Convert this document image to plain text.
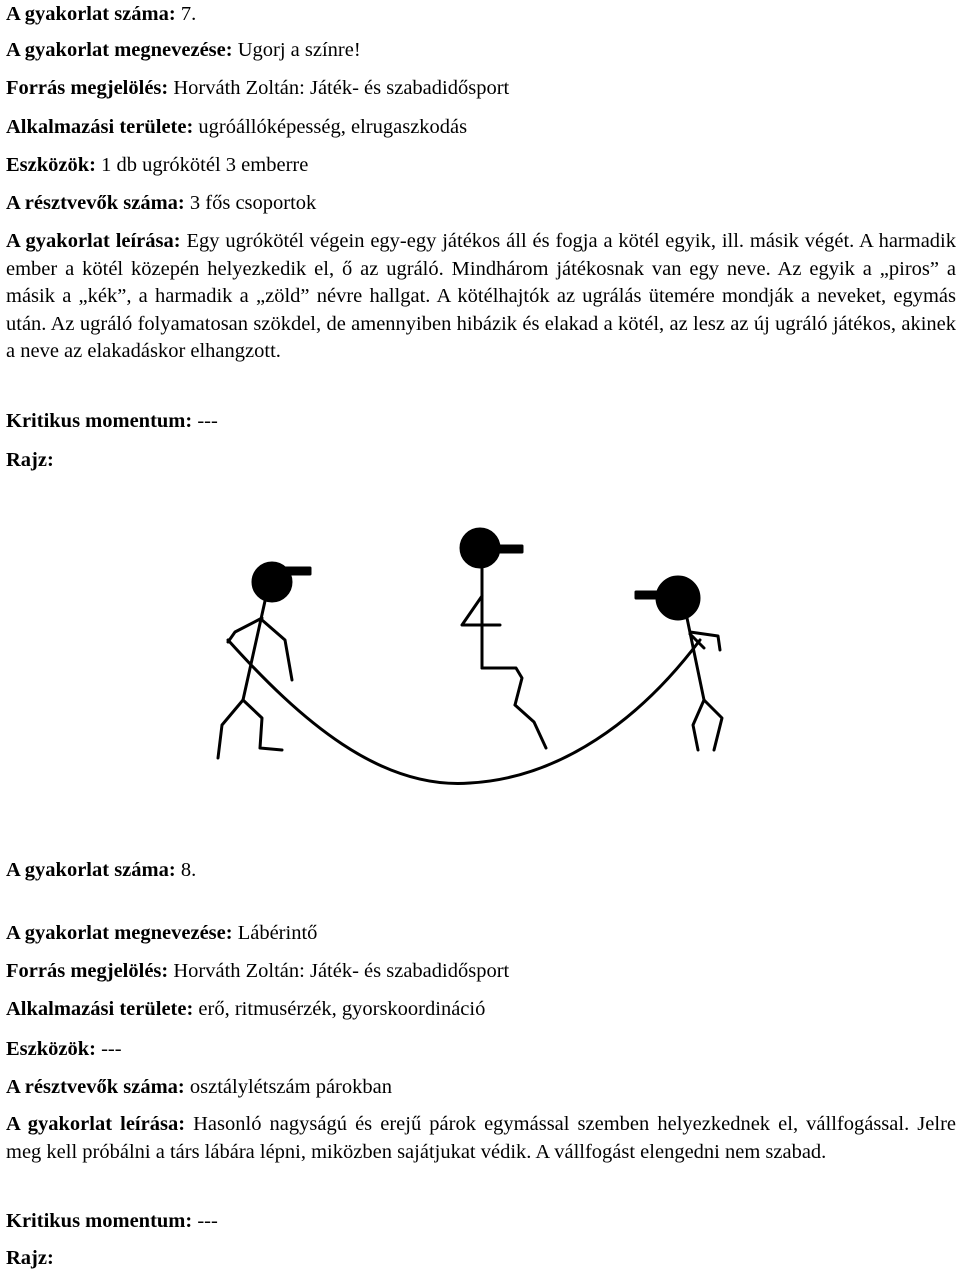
A gyakorlat száma: 7.
A gyakorlat megnevezése: Ugorj a színre!
Forrás megjelölés: Horváth Zoltán: Játék- és szabadidősport
Alkalmazási területe: ugróállóképesség, elrugaszkodás
Eszközök: 1 db ugrókötél 3 emberre
A résztvevők száma: 3 fős csoportok
A gyakorlat leírása: Egy ugrókötél végein egy-egy játékos áll és fogja a kötél egyik, ill. másik végét. A harmadik ember a kötél közepén helyezkedik el, ő az ugráló. Mindhárom játékosnak van egy neve. Az egyik a „piros” a másik a „kék”, a harmadik a „zöld” névre hallgat. A kötélhajtók az ugrálás ütemére mondják a neveket, egymás után. Az ugráló folyamatosan szökdel, de amennyiben hibázik és elakad a kötél, az lesz az új ugráló játékos, akinek a neve az elakadáskor elhangzott.
Kritikus momentum: ---
Rajz:
A gyakorlat száma: 8.
A gyakorlat megnevezése: Lábérintő
Forrás megjelölés: Horváth Zoltán: Játék- és szabadidősport
Alkalmazási területe: erő, ritmusérzék, gyorskoordináció
Eszközök: ---
A résztvevők száma: osztálylétszám párokban
A gyakorlat leírása: Hasonló nagyságú és erejű párok egymással szemben helyezkednek el, vállfogással. Jelre meg kell próbálni a társ lábára lépni, miközben sajátjukat védik. A vállfogást elengedni nem szabad.
Kritikus momentum: ---
Rajz:
